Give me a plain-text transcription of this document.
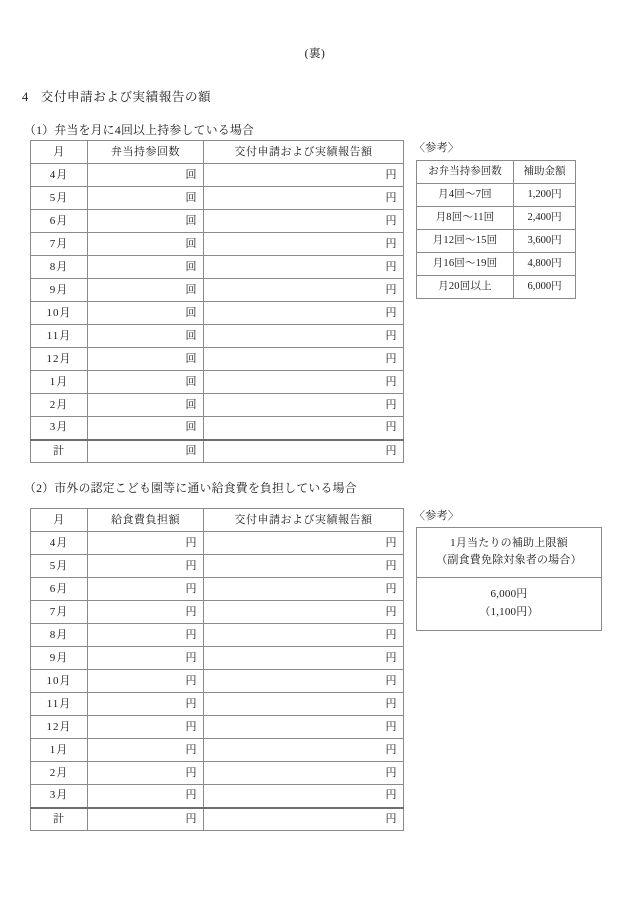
(裏)
4 交付申請および実績報告の額
（1）弁当を月に4回以上持参している場合
月	弁当持参回数	交付申請および実績報告額
4月	回	円
5月	回	円
6月	回	円
7月	回	円
8月	回	円
9月	回	円
10月	回	円
11月	回	円
12月	回	円
1月	回	円
2月	回	円
3月	回	円
計	回	円
〈参考〉
お弁当持参回数	補助金額
月4回～7回	1,200円
月8回～11回	2,400円
月12回～15回	3,600円
月16回～19回	4,800円
月20回以上	6,000円
（2）市外の認定こども園等に通い給食費を負担している場合
月	給食費負担額	交付申請および実績報告額
4月	円	円
5月	円	円
6月	円	円
7月	円	円
8月	円	円
9月	円	円
10月	円	円
11月	円	円
12月	円	円
1月	円	円
2月	円	円
3月	円	円
計	円	円
〈参考〉
1月当たりの補助上限額
（副食費免除対象者の場合）
6,000円
（1,100円）
